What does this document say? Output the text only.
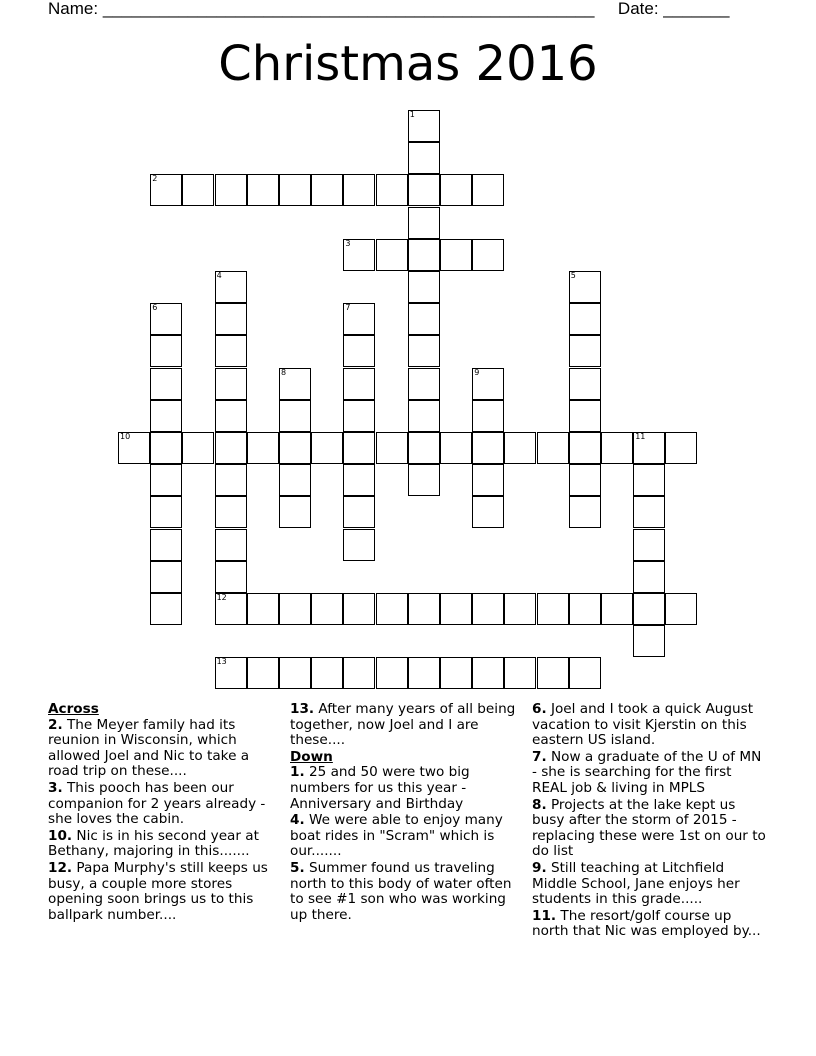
Name: ____________________________________________________ Date: _______
Christmas 2016
1
2
3
4
12
5
6	7
8	9
10	11
13
Across
2. The Meyer family had its reunion in Wisconsin, which allowed Joel and Nic to take a road trip on these....
3. This pooch has been our companion for 2 years already - she loves the cabin.
10. Nic is in his second year at Bethany, majoring in this.......
12. Papa Murphy's still keeps us busy, a couple more stores opening soon brings us to this ballpark number....
13. After many years of all being together, now Joel and I are these....
Down
1. 25 and 50 were two big numbers for us this year - Anniversary and Birthday
4. We were able to enjoy many boat rides in "Scram" which is our.......
5. Summer found us traveling north to this body of water often to see #1 son who was working up there.
6. Joel and I took a quick August vacation to visit Kjerstin on this eastern US island.
7. Now a graduate of the U of MN - she is searching for the first REAL job & living in MPLS
8. Projects at the lake kept us busy after the storm of 2015 - replacing these were 1st on our to do list
9. Still teaching at Litchfield Middle School, Jane enjoys her students in this grade.....
11. The resort/golf course up north that Nic was employed by...
